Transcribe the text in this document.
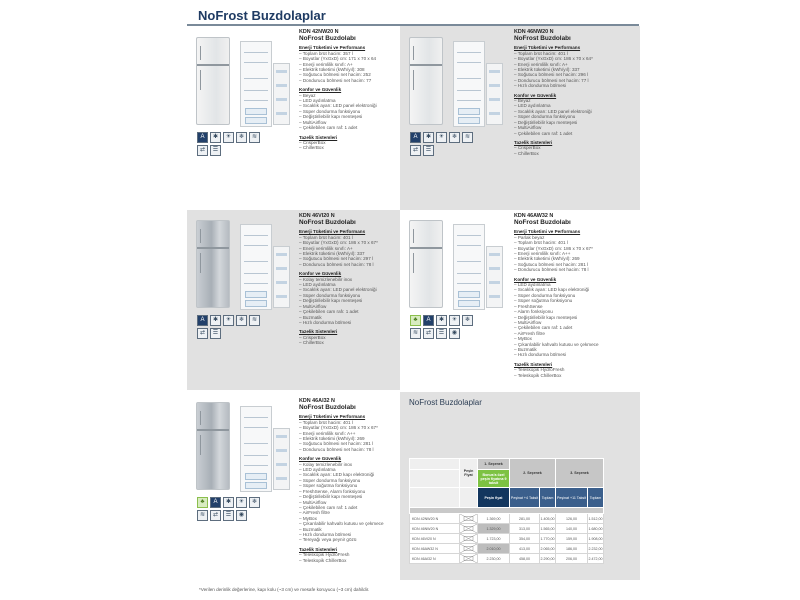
NoFrost Buzdolaplar
A	✱	☀	❄	≋
⇄	☰
KDN 42NW20 N
NoFrost Buzdolabı
Enerji Tüketimi ve Performans
– Toplam brüt hacim: 357 l
– Boyutlar (YxGxD) cm: 171 x 70 x 64
– Enerji verimlilik sınıfı: A+
– Elektrik tüketimi (kWh/yıl): 308
– Soğutucu bölmesi net hacim: 252
– Dondurucu bölmesi net hacim: 77
Konfor ve Güvenlik
– Beyaz
– LED aydınlatma
– Sıcaklık ayarı: LED panel elektroniği
– Süper dondurma fonksiyonu
– Değiştirilebilir kapı menteşesi
– MultiAirflow
– Çekilebilen cam raf: 1 adet
Tazelik Sistemleri
– CrisperBox
– ChillerBox
A	✱	☀	❄	≋
⇄	☰
KDN 46NW20 N
NoFrost Buzdolabı
Enerji Tüketimi ve Performans
– Toplam brüt hacim: 401 l
– Boyutlar (YxGxD) cm: 186 x 70 x 64*
– Enerji verimlilik sınıfı: A+
– Elektrik tüketimi (kWh/yıl): 337
– Soğutucu bölmesi net hacim: 296 l
– Dondurucu bölmesi net hacim: 77 l
– Hızlı dondurma bölmesi
Konfor ve Güvenlik
– Beyaz
– LED aydınlatma
– Sıcaklık ayarı: LED panel elektroniği
– Süper dondurma fonksiyonu
– Değiştirilebilir kapı menteşesi
– MultiAirflow
– Çekilebilen cam raf: 1 adet
Tazelik Sistemleri
– CrisperBox
– ChillerBox
A	✱	☀	❄	≋
⇄	☰
KDN 46VI20 N
NoFrost Buzdolabı
Enerji Tüketimi ve Performans
– Toplam brüt hacim: 401 l
– Boyutlar (YxGxD) cm: 186 x 70 x 67*
– Enerji verimlilik sınıfı: A+
– Elektrik tüketimi (kWh/yıl): 337
– Soğutucu bölmesi net hacim: 297 l
– Dondurucu bölmesi net hacim: 78 l
Konfor ve Güvenlik
– Kolay temizlenebilir inox
– LED aydınlatma
– Sıcaklık ayarı: LED panel elektroniği
– Süper dondurma fonksiyonu
– Değiştirilebilir kapı menteşesi
– MultiAirflow
– Çekilebilen cam rafı: 1 adet
– Buzmatik
– Hızlı dondurma bölmesi
Tazelik Sistemleri
– CrisperBox
– ChillerBox
♣	A	✱	☀	❄
≋	⇄	☰	◉
KDN 46AW32 N
NoFrost Buzdolabı
Enerji Tüketimi ve Performans
– Parlak beyaz
– Toplam brüt hacim: 401 l
– Boyutlar (YxGxD) cm: 186 x 70 x 67*
– Enerji verimlilik sınıfı: A++
– Elektrik tüketimi (kWh/yıl): 269
– Soğutucu bölmesi net hacim: 281 l
– Dondurucu bölmesi net hacim: 78 l
Konfor ve Güvenlik
– LED aydınlatma
– Sıcaklık ayarı: LED kapı elektroniği
– Süper dondurma fonksiyonu
– Süper soğutma fonksiyonu
– FreshSense
– Alarm fonksiyonu
– Değiştirilebilir kapı menteşesi
– MultiAirflow
– Çekilebilen cam raf: 1 adet
– AirFresh filtre
– MyBox
– Çıkarılabilir kahvaltı kutusu ve çekmece
– Buzmatik
– Hızlı dondurma bölmesi
Tazelik Sistemleri
– Teleskopik HydroFresh
– Teleskopik ChillerBox
♣	A	✱	☀	❄
≋	⇄	☰	◉
KDN 46AI32 N
NoFrost Buzdolabı
Enerji Tüketimi ve Performans
– Toplam brüt hacim: 401 l
– Boyutlar (YxGxD) cm: 186 x 70 x 67*
– Enerji verimlilik sınıfı: A++
– Elektrik tüketimi (kWh/yıl): 269
– Soğutucu bölmesi net hacim: 281 l
– Dondurucu bölmesi net hacim: 78 l
Konfor ve Güvenlik
– Kolay temizlenebilir inox
– LED aydınlatma
– Sıcaklık ayarı: LED kapı elektroniği
– Süper dondurma fonksiyonu
– Süper soğutma fonksiyonu
– FreshSense, Alarm fonksiyonu
– Değiştirilebilir kapı menteşesi
– MultiAirflow
– Çekilebilen cam raf: 1 adet
– AirFresh filtre
– MyBox
– Çıkarılabilir kahvaltı kutusu ve çekmece
– Buzmatik
– Hızlı dondurma bölmesi
– Tereyağı veya peynir gözü
Tazelik Sistemleri
– Teleskopik HydroFresh
– Teleskopik ChillerBox
NoFrost Buzdolaplar
	Peşin Fiyat	1. Seçenek	2. Seçenek		3. Seçenek	
		Bonus'a özel peşin fiyatına 9 taksit				
		Peşin fiyat	Peşinat +4 Taksit	Toplam	Peşinat +11 Taksit	Toplam

KDN 42NW20 N		1.369,00	281,00	1.405,00	126,00	1.512,00
KDN 46NW20 N		1.329,00	313,00	1.565,00	140,00	1.680,00
KDN 46VI20 N		1.723,00	354,00	1.770,00	159,00	1.908,00
KDN 46AW32 N		2.010,00	413,00	2.065,00	186,00	2.232,00
KDN 46AI32 N		2.230,00	458,00	2.290,00	206,00	2.472,00
*Verilen derinlik değerlerine, kapı kolu (~3 cm) ve mesafe koruyucu (~3 cm) dahildir.
